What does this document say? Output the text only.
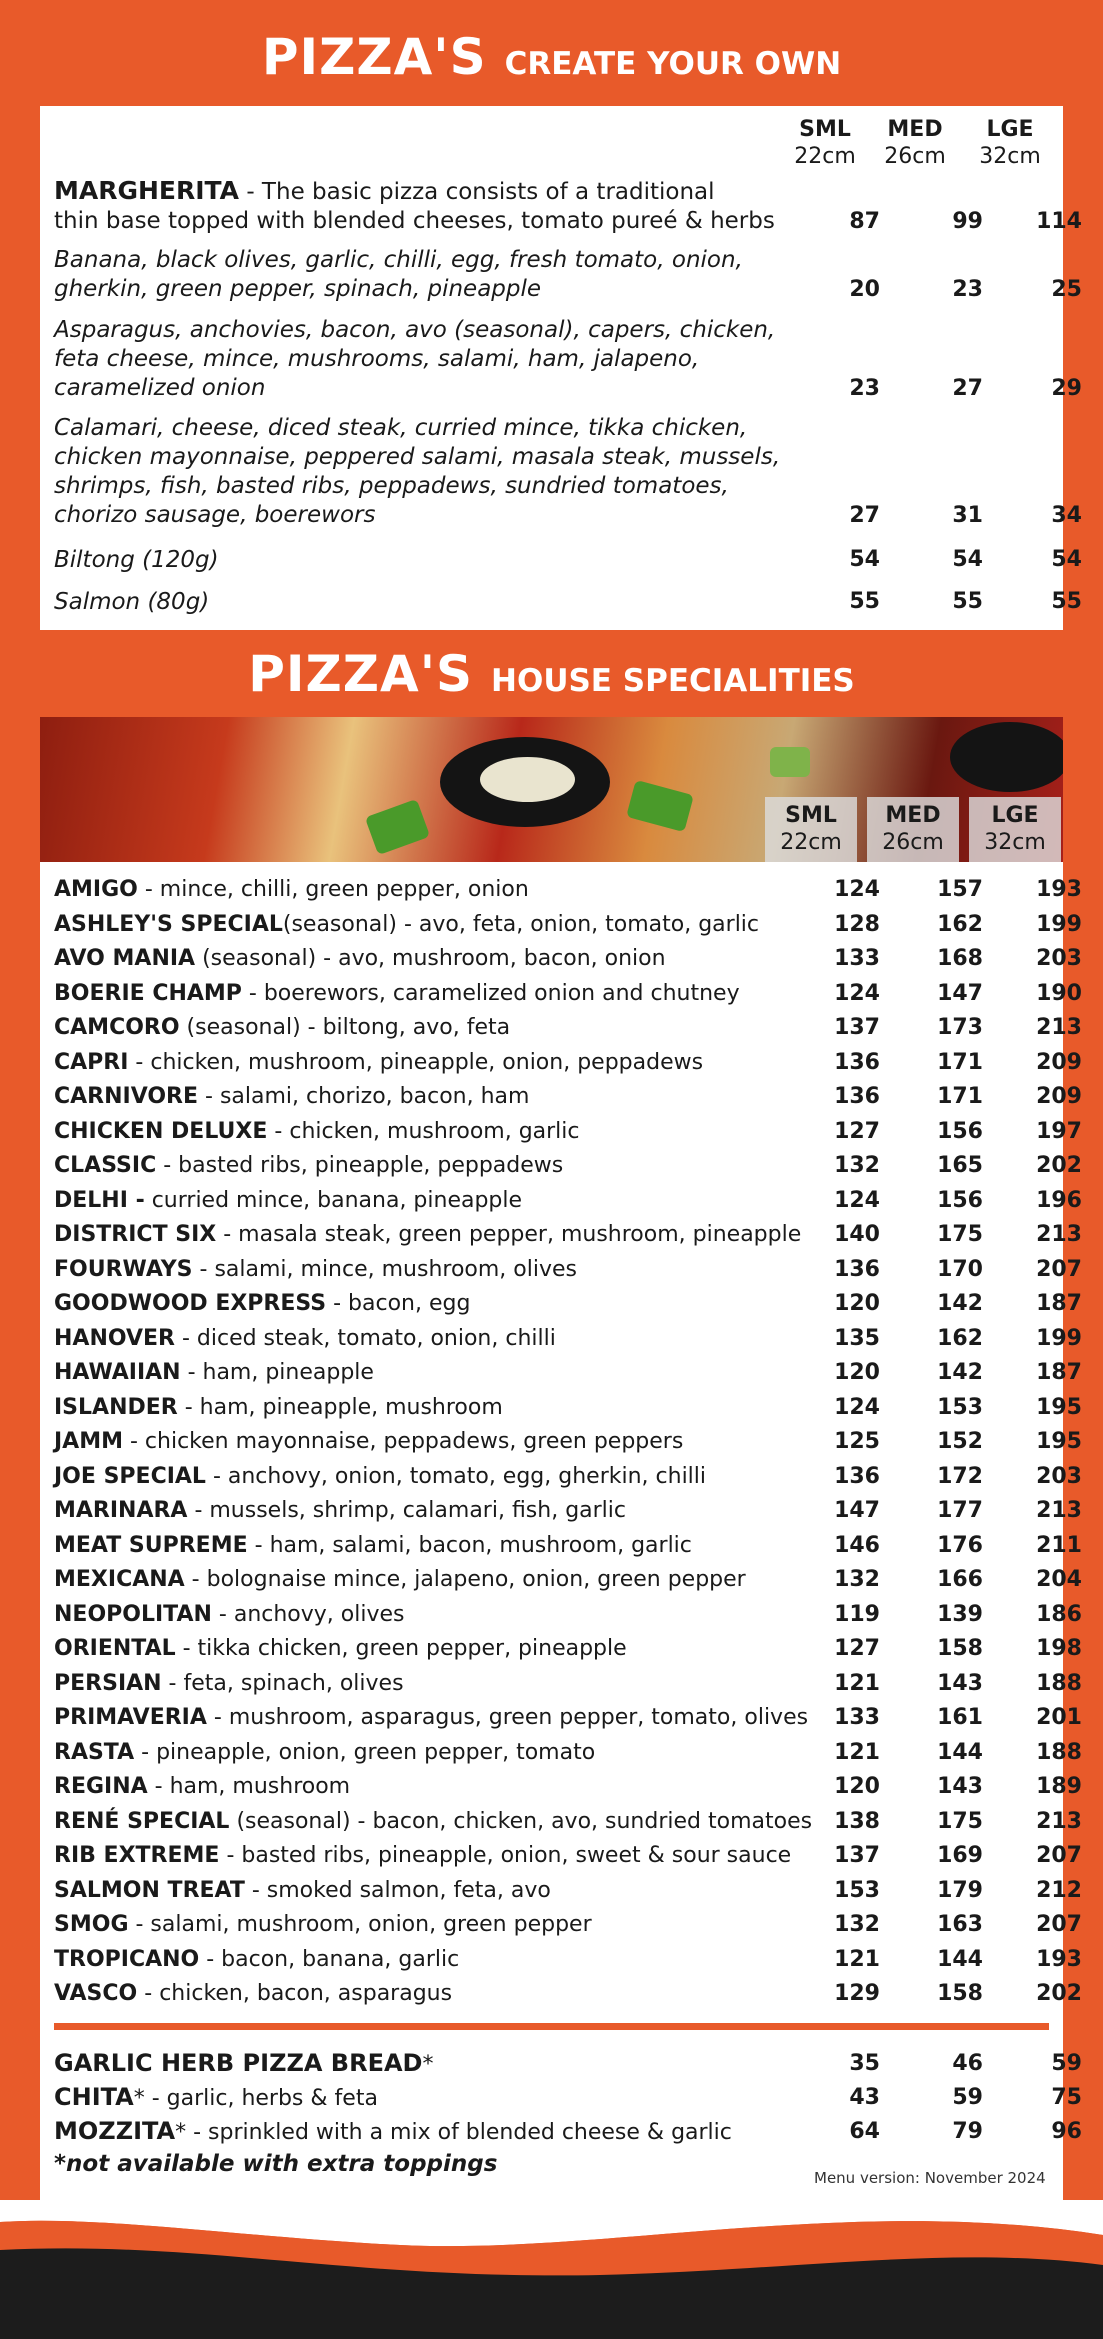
PIZZA'S CREATE YOUR OWN
SML
22cm
MED
26cm
LGE
32cm
MARGHERITA - The basic pizza consists of a traditional
thin base topped with blended cheeses, tomato pureé & herbs	87	99	114
Banana, black olives, garlic, chilli, egg, fresh tomato, onion,
gherkin, green pepper, spinach, pineapple	20	23	25
Asparagus, anchovies, bacon, avo (seasonal), capers, chicken,
feta cheese, mince, mushrooms, salami, ham, jalapeno,
caramelized onion	23	27	29
Calamari, cheese, diced steak, curried mince, tikka chicken,
chicken mayonnaise, peppered salami, masala steak, mussels,
shrimps, fish, basted ribs, peppadews, sundried tomatoes,
chorizo sausage, boerewors	27	31	34
Biltong (120g)	54	54	54
Salmon (80g)	55	55	55
PIZZA'S HOUSE SPECIALITIES
SML
22cm
MED
26cm
LGE
32cm
AMIGO - mince, chilli, green pepper, onion	124	157	193
ASHLEY'S SPECIAL(seasonal) - avo, feta, onion, tomato, garlic	128	162	199
AVO MANIA (seasonal) - avo, mushroom, bacon, onion	133	168	203
BOERIE CHAMP - boerewors, caramelized onion and chutney	124	147	190
CAMCORO (seasonal) - biltong, avo, feta	137	173	213
CAPRI - chicken, mushroom, pineapple, onion, peppadews	136	171	209
CARNIVORE - salami, chorizo, bacon, ham	136	171	209
CHICKEN DELUXE - chicken, mushroom, garlic	127	156	197
CLASSIC - basted ribs, pineapple, peppadews	132	165	202
DELHI - curried mince, banana, pineapple	124	156	196
DISTRICT SIX - masala steak, green pepper, mushroom, pineapple	140	175	213
FOURWAYS - salami, mince, mushroom, olives	136	170	207
GOODWOOD EXPRESS - bacon, egg	120	142	187
HANOVER - diced steak, tomato, onion, chilli	135	162	199
HAWAIIAN - ham, pineapple	120	142	187
ISLANDER - ham, pineapple, mushroom	124	153	195
JAMM - chicken mayonnaise, peppadews, green peppers	125	152	195
JOE SPECIAL - anchovy, onion, tomato, egg, gherkin, chilli	136	172	203
MARINARA - mussels, shrimp, calamari, fish, garlic	147	177	213
MEAT SUPREME - ham, salami, bacon, mushroom, garlic	146	176	211
MEXICANA - bolognaise mince, jalapeno, onion, green pepper	132	166	204
NEOPOLITAN - anchovy, olives	119	139	186
ORIENTAL - tikka chicken, green pepper, pineapple	127	158	198
PERSIAN - feta, spinach, olives	121	143	188
PRIMAVERIA - mushroom, asparagus, green pepper, tomato, olives	133	161	201
RASTA - pineapple, onion, green pepper, tomato	121	144	188
REGINA - ham, mushroom	120	143	189
RENÉ SPECIAL (seasonal) - bacon, chicken, avo, sundried tomatoes 138	175	213
RIB EXTREME - basted ribs, pineapple, onion, sweet & sour sauce	137	169	207
SALMON TREAT - smoked salmon, feta, avo	153	179	212
SMOG - salami, mushroom, onion, green pepper	132	163	207
TROPICANO - bacon, banana, garlic	121	144	193
VASCO - chicken, bacon, asparagus	129	158	202
GARLIC HERB PIZZA BREAD*	35	46	59
CHITA* - garlic, herbs & feta	43	59	75
MOZZITA* - sprinkled with a mix of blended cheese & garlic	64	79	96
*not available with extra toppings
Menu version: November 2024
